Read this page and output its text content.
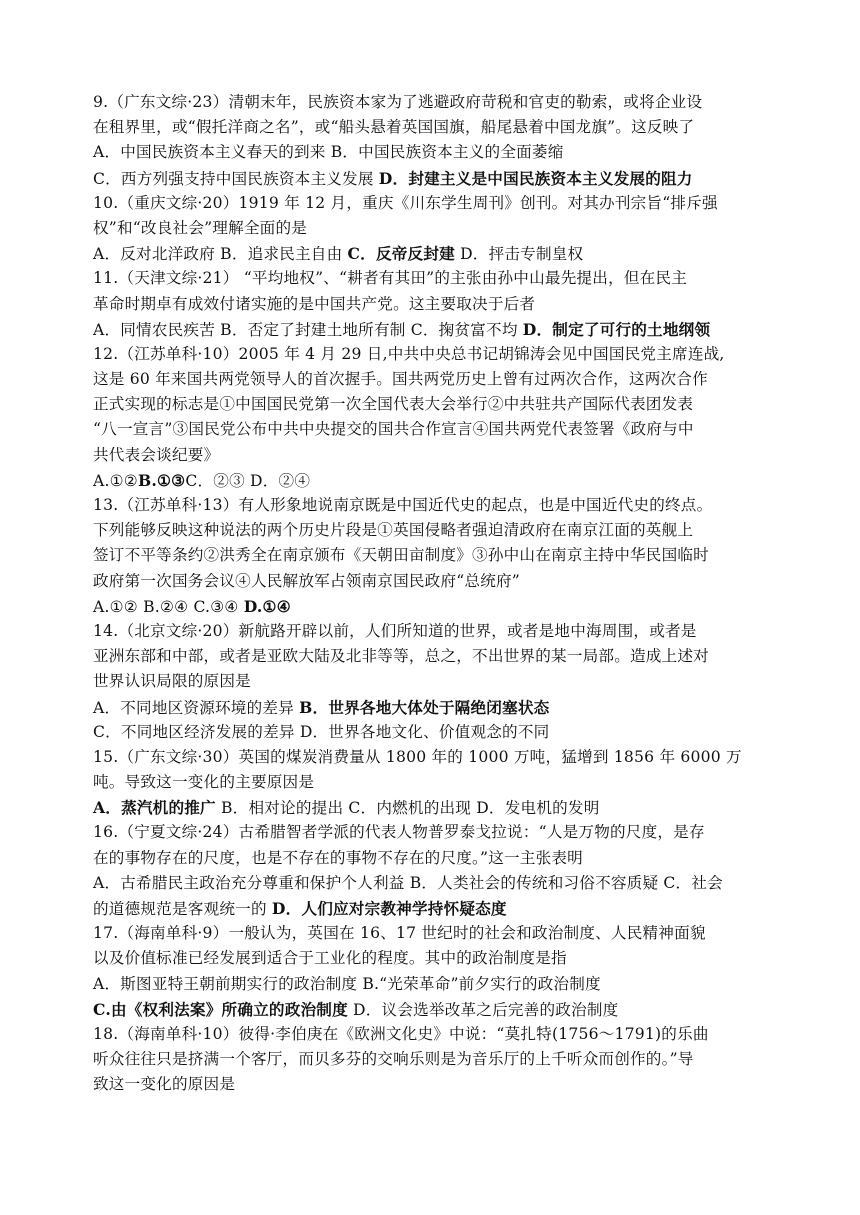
9.（广东文综·23）清朝末年，民族资本家为了逃避政府苛税和官吏的勒索，或将企业设
在租界里，或“假托洋商之名”，或“船头悬着英国国旗，船尾悬着中国龙旗”。这反映了
A．中国民族资本主义春天的到来 B．中国民族资本主义的全面萎缩
C．西方列强支持中国民族资本主义发展 D．封建主义是中国民族资本主义发展的阻力
10.（重庆文综·20）1919 年 12 月，重庆《川东学生周刊》创刊。对其办刊宗旨“排斥强
权”和“改良社会”理解全面的是
A．反对北洋政府 B．追求民主自由 C．反帝反封建 D．抨击专制皇权
11.（天津文综·21） “平均地权”、“耕者有其田”的主张由孙中山最先提出，但在民主
革命时期卓有成效付诸实施的是中国共产党。这主要取决于后者
A．同情农民疾苦 B．否定了封建土地所有制 C．掬贫富不均 D．制定了可行的土地纲领
12.（江苏单科·10）2005 年 4 月 29 日,中共中央总书记胡锦涛会见中国国民党主席连战,
这是 60 年来国共两党领导人的首次握手。国共两党历史上曾有过两次合作，这两次合作
正式实现的标志是①中国国民党第一次全国代表大会举行②中共驻共产国际代表团发表
“八一宣言”③国民党公布中共中央提交的国共合作宣言④国共两党代表签署《政府与中
共代表会谈纪要》
A.①②B.①③C．②③ D．②④
13.（江苏单科·13）有人形象地说南京既是中国近代史的起点，也是中国近代史的终点。
下列能够反映这种说法的两个历史片段是①英国侵略者强迫清政府在南京江面的英舰上
签订不平等条约②洪秀全在南京颁布《天朝田亩制度》③孙中山在南京主持中华民国临时
政府第一次国务会议④人民解放军占领南京国民政府“总统府”
A.①② B.②④ C.③④ D.①④
14.（北京文综·20）新航路开辟以前，人们所知道的世界，或者是地中海周围，或者是
亚洲东部和中部，或者是亚欧大陆及北非等等，总之，不出世界的某一局部。造成上述对
世界认识局限的原因是
A．不同地区资源环境的差异 B．世界各地大体处于隔绝闭塞状态
C．不同地区经济发展的差异 D．世界各地文化、价值观念的不同
15.（广东文综·30）英国的煤炭消费量从 1800 年的 1000 万吨，猛增到 1856 年 6000 万
吨。导致这一变化的主要原因是
A．蒸汽机的推广 B．相对论的提出 C．内燃机的出现 D．发电机的发明
16.（宁夏文综·24）古希腊智者学派的代表人物普罗泰戈拉说：“人是万物的尺度，是存
在的事物存在的尺度，也是不存在的事物不存在的尺度。”这一主张表明
A．古希腊民主政治充分尊重和保护个人利益 B．人类社会的传统和习俗不容质疑 C．社会
的道德规范是客观统一的 D．人们应对宗教神学持怀疑态度
17.（海南单科·9）一般认为，英国在 16、17 世纪时的社会和政治制度、人民精神面貌
以及价值标准已经发展到适合于工业化的程度。其中的政治制度是指
A．斯图亚特王朝前期实行的政治制度 B.“光荣革命”前夕实行的政治制度
C.由《权利法案》所确立的政治制度 D．议会选举改革之后完善的政治制度
18.（海南单科·10）彼得·李伯庚在《欧洲文化史》中说：“莫扎特(1756～1791)的乐曲
听众往往只是挤满一个客厅，而贝多芬的交响乐则是为音乐厅的上千听众而创作的。”导
致这一变化的原因是
